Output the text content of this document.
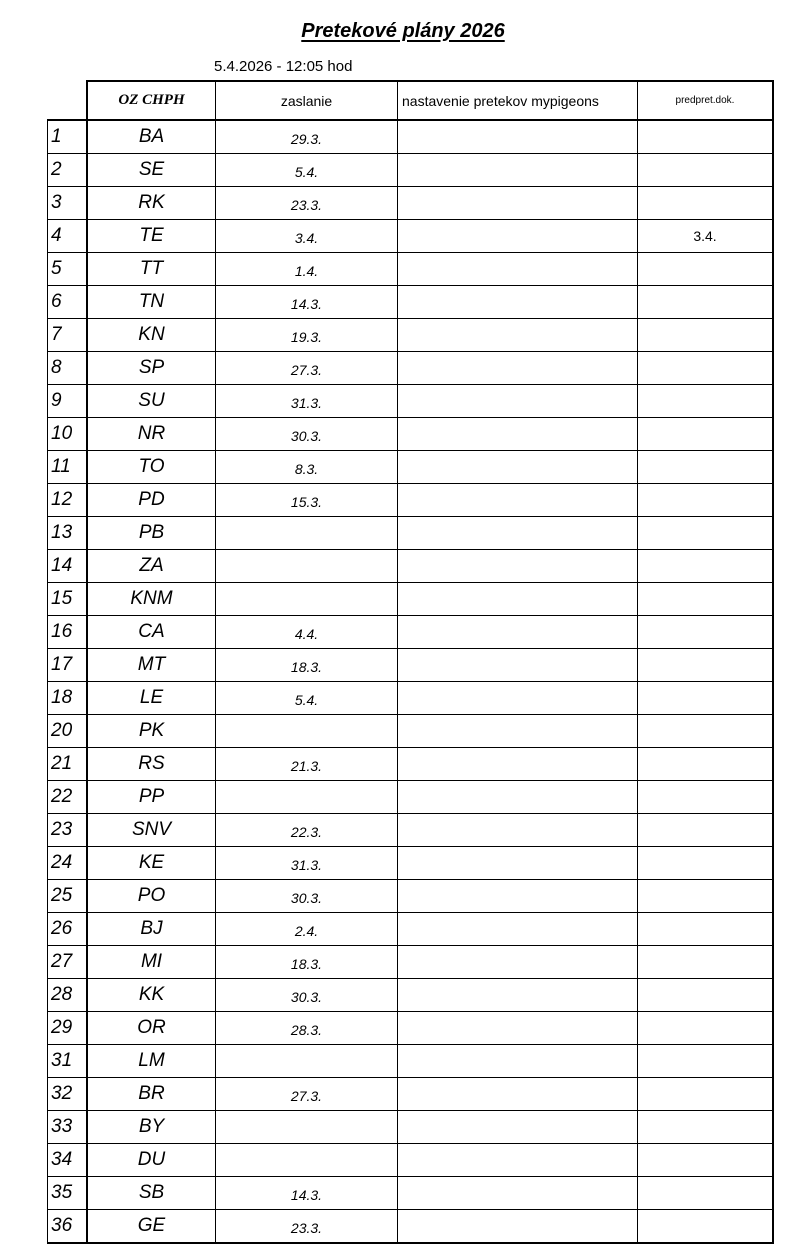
Pretekové plány 2026
5.4.2026 - 12:05 hod
	OZ CHPH	zaslanie	nastavenie pretekov mypigeons	predpret.dok.
1	BA	29.3.		
2	SE	5.4.		
3	RK	23.3.		
4	TE	3.4.		3.4.
5	TT	1.4.		
6	TN	14.3.		
7	KN	19.3.		
8	SP	27.3.		
9	SU	31.3.		
10	NR	30.3.		
11	TO	8.3.		
12	PD	15.3.		
13	PB			
14	ZA			
15	KNM			
16	CA	4.4.		
17	MT	18.3.		
18	LE	5.4.		
20	PK			
21	RS	21.3.		
22	PP			
23	SNV	22.3.		
24	KE	31.3.		
25	PO	30.3.		
26	BJ	2.4.		
27	MI	18.3.		
28	KK	30.3.		
29	OR	28.3.		
31	LM			
32	BR	27.3.		
33	BY			
34	DU			
35	SB	14.3.		
36	GE	23.3.		
